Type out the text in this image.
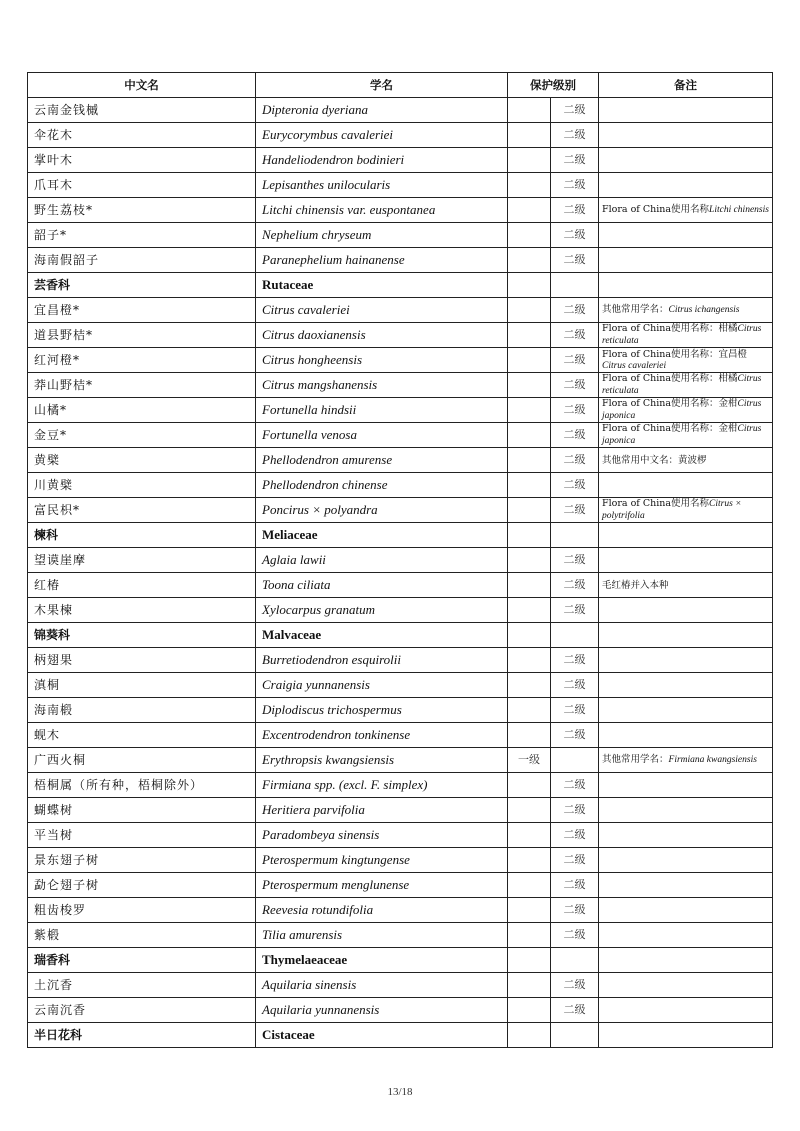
中文名	学名	保护级别		备注
云南金钱槭	Dipteronia dyeriana		二级	
伞花木	Eurycorymbus cavaleriei		二级	
掌叶木	Handeliodendron bodinieri		二级	
爪耳木	Lepisanthes unilocularis		二级	
野生荔枝*	Litchi chinensis var. euspontanea		二级	Flora of China使用名称Litchi chinensis
韶子*	Nephelium chryseum		二级	
海南假韶子	Paranephelium hainanense		二级	
芸香科	Rutaceae			
宜昌橙*	Citrus cavaleriei		二级	其他常用学名：Citrus ichangensis
道县野桔*	Citrus daoxianensis		二级	Flora of China使用名称：柑橘Citrus reticulata
红河橙*	Citrus hongheensis		二级	Flora of China使用名称：宜昌橙Citrus cavaleriei
莽山野桔*	Citrus mangshanensis		二级	Flora of China使用名称：柑橘Citrus reticulata
山橘*	Fortunella hindsii		二级	Flora of China使用名称：金柑Citrus japonica
金豆*	Fortunella venosa		二级	Flora of China使用名称：金柑Citrus japonica
黄檗	Phellodendron amurense		二级	其他常用中文名：黄波椤
川黄檗	Phellodendron chinense		二级	
富民枳*	Poncirus × polyandra		二级	Flora of China使用名称Citrus × polytrifolia
楝科	Meliaceae			
望谟崖摩	Aglaia lawii		二级	
红椿	Toona ciliata		二级	毛红椿并入本种
木果楝	Xylocarpus granatum		二级	
锦葵科	Malvaceae			
柄翅果	Burretiodendron esquirolii		二级	
滇桐	Craigia yunnanensis		二级	
海南椴	Diplodiscus trichospermus		二级	
蚬木	Excentrodendron tonkinense		二级	
广西火桐	Erythropsis kwangsiensis	一级		其他常用学名：Firmiana kwangsiensis
梧桐属（所有种，梧桐除外）	Firmiana spp. (excl. F. simplex)		二级	
蝴蝶树	Heritiera parvifolia		二级	
平当树	Paradombeya sinensis		二级	
景东翅子树	Pterospermum kingtungense		二级	
勐仑翅子树	Pterospermum menglunense		二级	
粗齿梭罗	Reevesia rotundifolia		二级	
紫椴	Tilia amurensis		二级	
瑞香科	Thymelaeaceae			
土沉香	Aquilaria sinensis		二级	
云南沉香	Aquilaria yunnanensis		二级	
半日花科	Cistaceae			
13/18
